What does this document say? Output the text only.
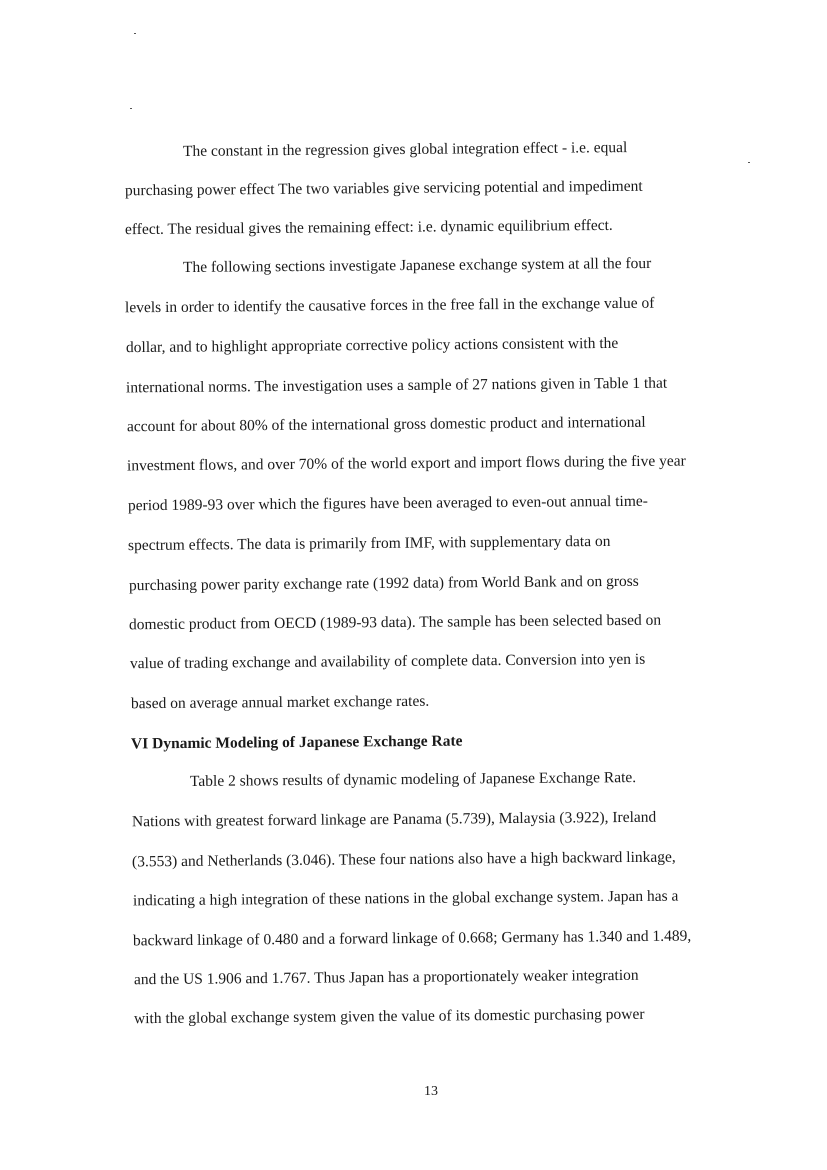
The constant in the regression gives global integration effect - i.e. equal
purchasing power effect The two variables give servicing potential and impediment
effect. The residual gives the remaining effect: i.e. dynamic equilibrium effect.
The following sections investigate Japanese exchange system at all the four
levels in order to identify the causative forces in the free fall in the exchange value of
dollar, and to highlight appropriate corrective policy actions consistent with the
international norms. The investigation uses a sample of 27 nations given in Table 1 that
account for about 80% of the international gross domestic product and international
investment flows, and over 70% of the world export and import flows during the five year
period 1989-93 over which the figures have been averaged to even-out annual time-
spectrum effects. The data is primarily from IMF, with supplementary data on
purchasing power parity exchange rate (1992 data) from World Bank and on gross
domestic product from OECD (1989-93 data). The sample has been selected based on
value of trading exchange and availability of complete data. Conversion into yen is
based on average annual market exchange rates.
VI Dynamic Modeling of Japanese Exchange Rate
Table 2 shows results of dynamic modeling of Japanese Exchange Rate.
Nations with greatest forward linkage are Panama (5.739), Malaysia (3.922), Ireland
(3.553) and Netherlands (3.046). These four nations also have a high backward linkage,
indicating a high integration of these nations in the global exchange system. Japan has a
backward linkage of 0.480 and a forward linkage of 0.668; Germany has 1.340 and 1.489,
and the US 1.906 and 1.767. Thus Japan has a proportionately weaker integration
with the global exchange system given the value of its domestic purchasing power
13
